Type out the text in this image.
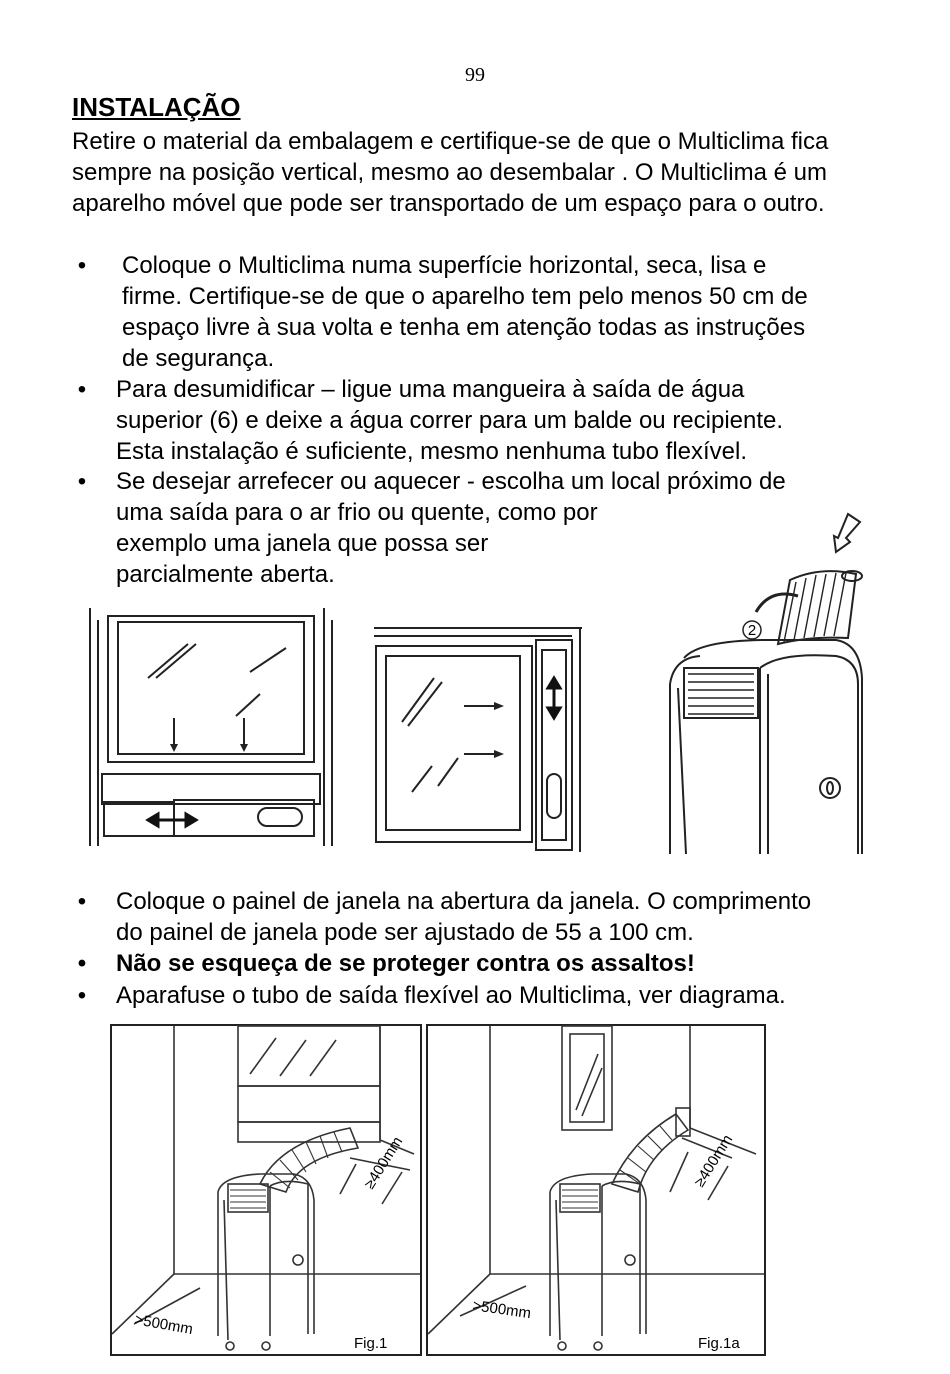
99
INSTALAÇÃO

Retire o material da embalagem e certifique-se de que o Multiclima fica sempre na posição vertical, mesmo ao desembalar . O Multiclima é um aparelho móvel que pode ser transportado de um espaço para o outro.

• Coloque o Multiclima numa superfície horizontal, seca, lisa e
firme. Certifique-se de que o aparelho tem pelo menos 50 cm de
espaço livre à sua volta e tenha em atenção todas as instruções
de segurança.
• Para desumidificar – ligue uma mangueira à saída de água
superior (6) e deixe a água correr para um balde ou recipiente.
Esta instalação é suficiente, mesmo nenhuma tubo flexível.
• Se desejar arrefecer ou aquecer - escolha um local próximo de
uma saída para o ar frio ou quente, como por
exemplo uma janela que possa ser
parcialmente aberta.
2
• Coloque o painel de janela na abertura da janela. O comprimento
do painel de janela pode ser ajustado de 55 a 100 cm.
• Não se esqueça de se proteger contra os assaltos!
• Aparafuse o tubo de saída flexível ao Multiclima, ver diagrama.
≥400mm
>500mm
Fig.1
≥400mm
>500mm
Fig.1a
